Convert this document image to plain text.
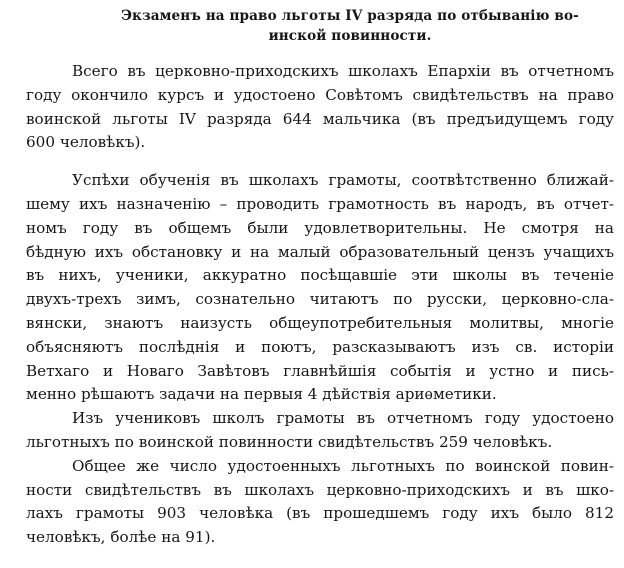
Экзаменъ на право льготы IV разряда по отбыванію во-
инской повинности.

Всего въ церковно-приходскихъ школахъ Епархіи въ отчетномъ
году окончило курсъ и удостоено Совѣтомъ свидѣтельствъ на право
воинской льготы IV разряда 644 мальчика (въ предъидущемъ году
600 человѣкъ).

Успѣхи обученія въ школахъ грамоты, соотвѣтственно ближай-
шему ихъ назначенію – проводить грамотность въ народъ, въ отчет-
номъ году въ общемъ были удовлетворительны. Не смотря на
бѣдную ихъ обстановку и на малый образовательный цензъ учащихъ
въ нихъ, ученики, аккуратно посѣщавшіе эти школы въ теченіе
двухъ-трехъ зимъ, сознательно читаютъ по русски, церковно-сла-
вянски, знаютъ наизусть общеупотребительныя молитвы, многіе
объясняютъ послѣднія и поютъ, разсказываютъ изъ св. исторіи
Ветхаго и Новаго Завѣтовъ главнѣйшія событія и устно и пись-
менно рѣшаютъ задачи на первыя 4 дѣйствія ариѳметики.

Изъ учениковъ школъ грамоты въ отчетномъ году удостоено
льготныхъ по воинской повинности свидѣтельствъ 259 человѣкъ.

Общее же число удостоенныхъ льготныхъ по воинской повин-
ности свидѣтельствъ въ школахъ церковно-приходскихъ и въ шко-
лахъ грамоты 903 человѣка (въ прошедшемъ году ихъ было 812
человѣкъ, болѣе на 91).
